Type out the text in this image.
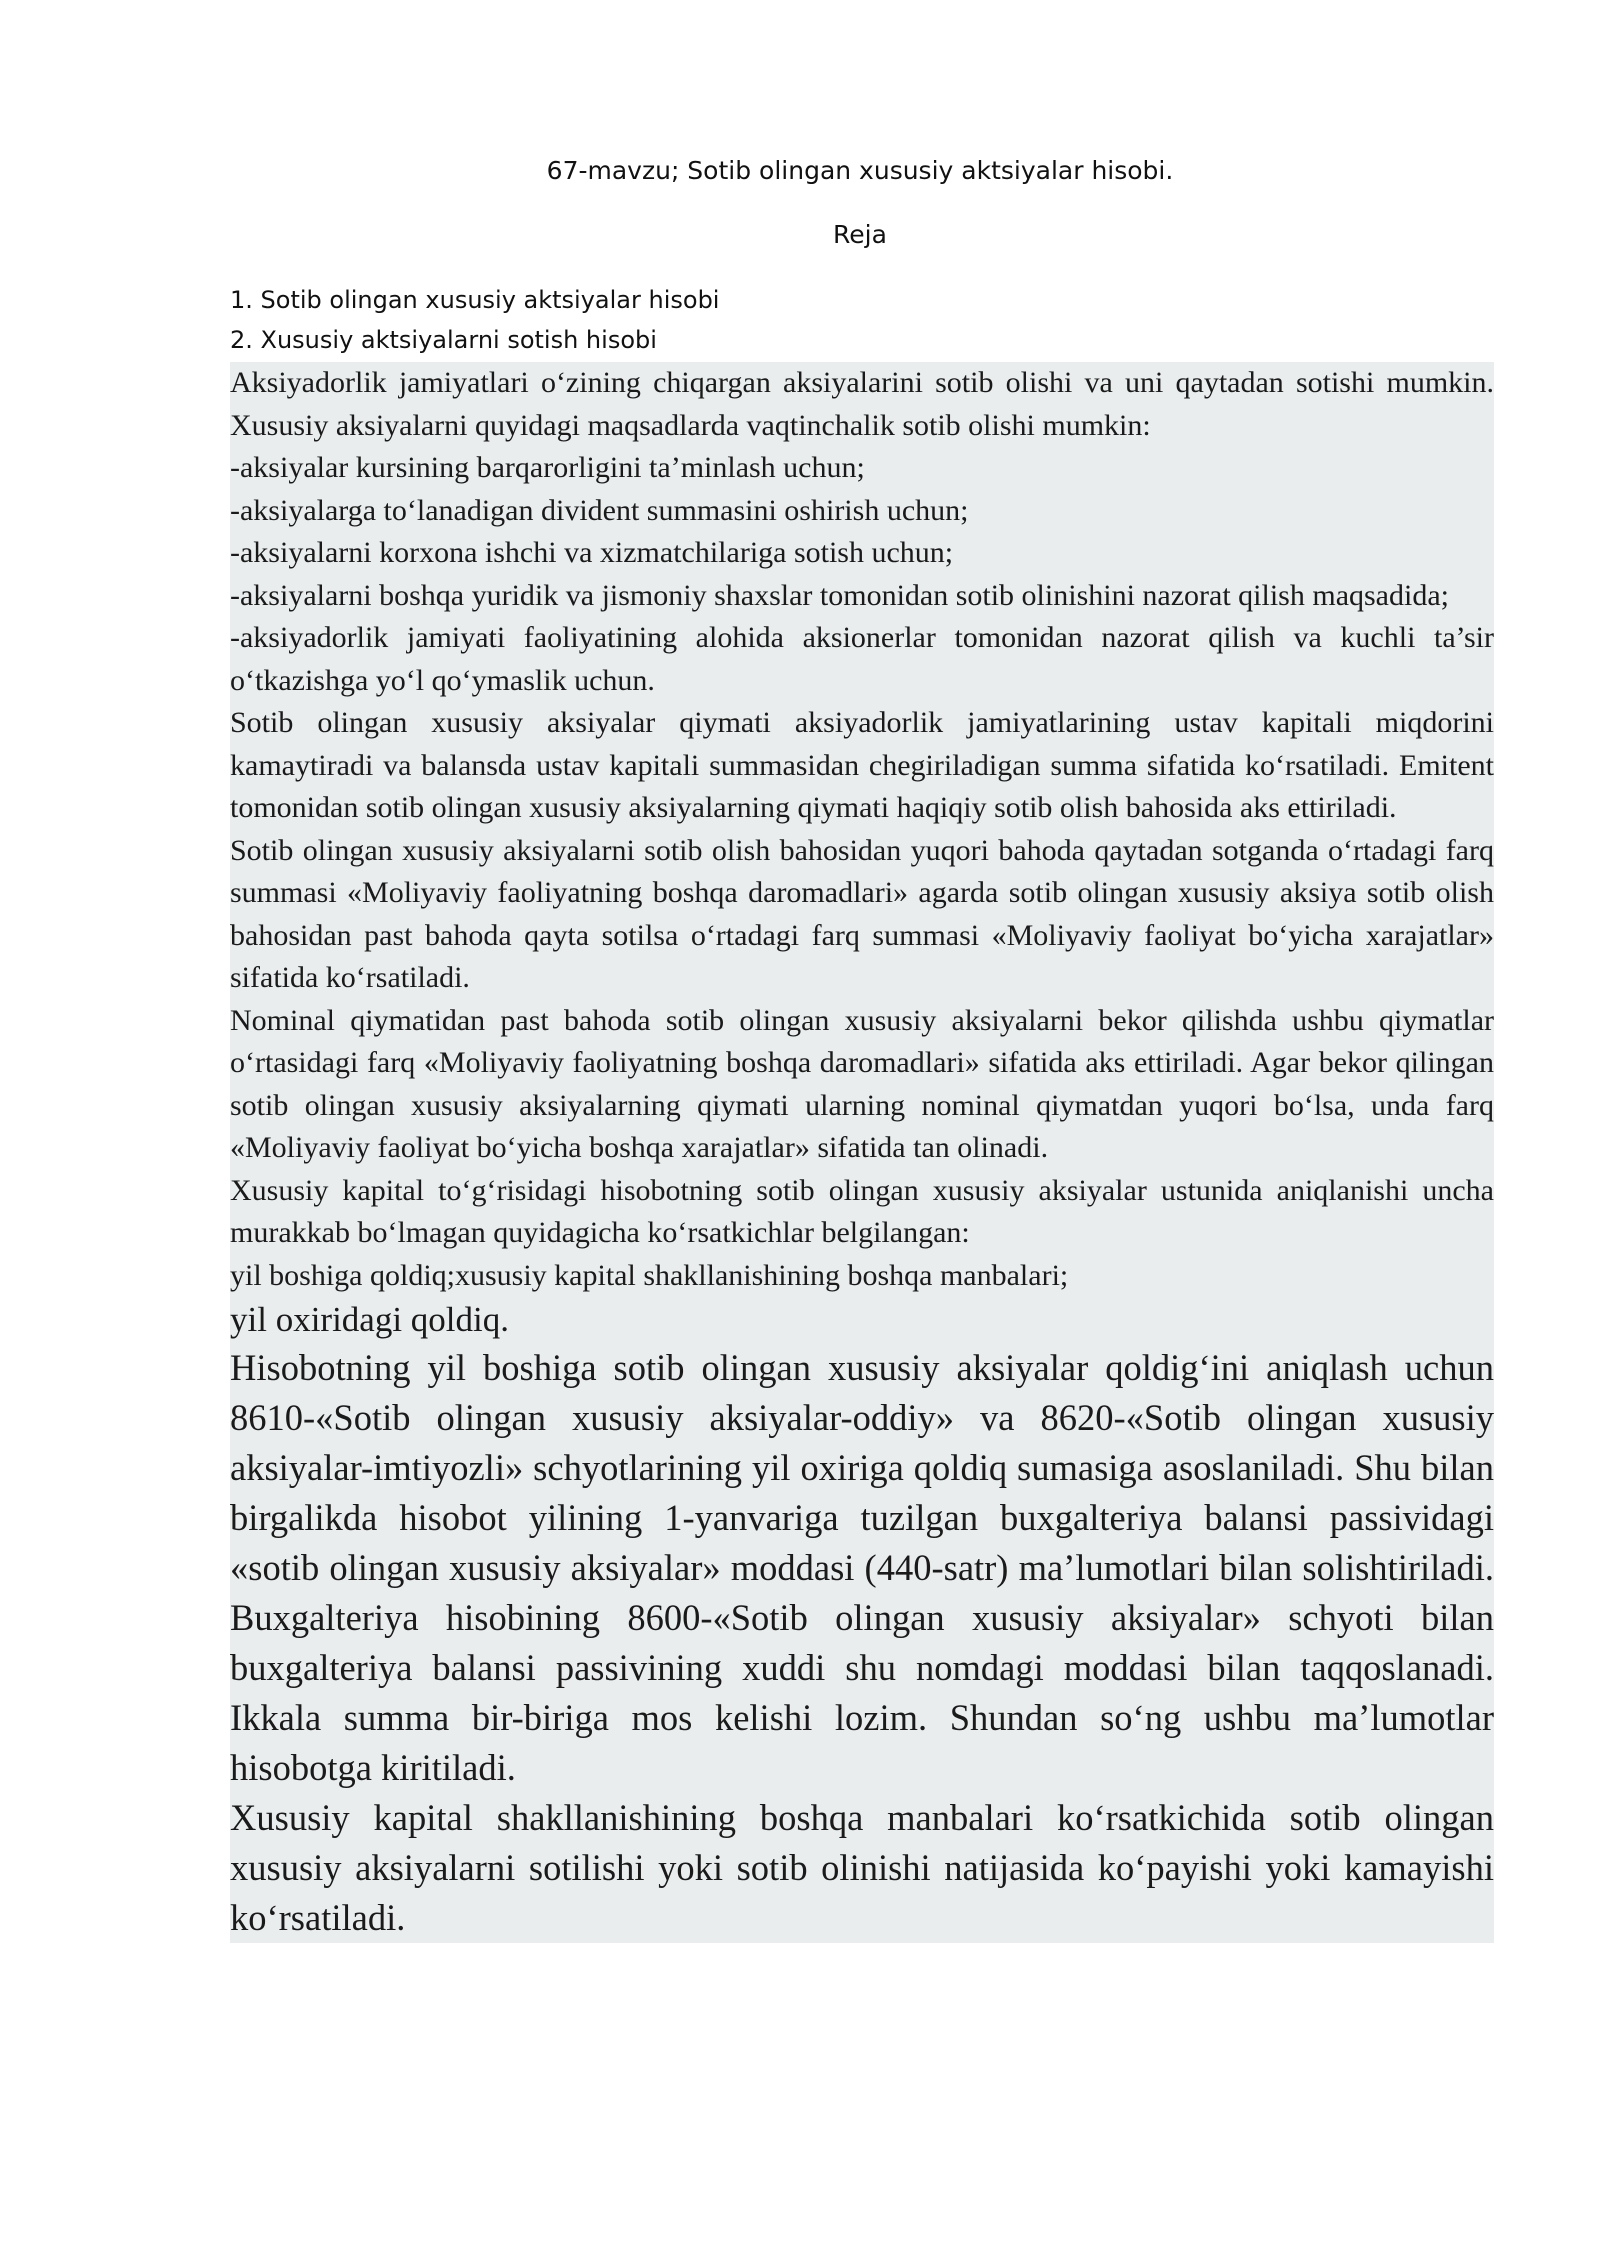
67-mavzu; Sotib olingan xususiy aktsiyalar hisobi.
Reja
1. Sotib olingan xususiy aktsiyalar hisobi
2. Xususiy aktsiyalarni sotish hisobi

Aksiyadorlik jamiyatlari o‘zining chiqargan aksiyalarini sotib olishi va uni qaytadan sotishi mumkin. Xususiy aksiyalarni quyidagi maqsadlarda vaqtinchalik sotib olishi mumkin:

-aksiyalar kursining barqarorligini ta’minlash uchun;

-aksiyalarga to‘lanadigan divident summasini oshirish uchun;

-aksiyalarni korxona ishchi va xizmatchilariga sotish uchun;

-aksiyalarni boshqa yuridik va jismoniy shaxslar tomonidan sotib olinishini nazorat qilish maqsadida;

-aksiyadorlik jamiyati faoliyatining alohida aksionerlar tomonidan nazorat qilish va kuchli ta’sir o‘tkazishga yo‘l qo‘ymaslik uchun.

Sotib olingan xususiy aksiyalar qiymati aksiyadorlik jamiyatlarining ustav kapitali miqdorini kamaytiradi va balansda ustav kapitali summasidan chegiriladigan summa sifatida ko‘rsatiladi. Emitent tomonidan sotib olingan xususiy aksiyalarning qiymati haqiqiy sotib olish bahosida aks ettiriladi.

Sotib olingan xususiy aksiyalarni sotib olish bahosidan yuqori bahoda qaytadan sotganda o‘rtadagi farq summasi «Moliyaviy faoliyatning boshqa daromadlari» agarda sotib olingan xususiy aksiya sotib olish bahosidan past bahoda qayta sotilsa o‘rtadagi farq summasi «Moliyaviy faoliyat bo‘yicha xarajatlar» sifatida ko‘rsatiladi.

Nominal qiymatidan past bahoda sotib olingan xususiy aksiyalarni bekor qilishda ushbu qiymatlar o‘rtasidagi farq «Moliyaviy faoliyatning boshqa daromadlari» sifatida aks ettiriladi. Agar bekor qilingan sotib olingan xususiy aksiyalarning qiymati ularning nominal qiymatdan yuqori bo‘lsa, unda farq «Moliyaviy faoliyat bo‘yicha boshqa xarajatlar» sifatida tan olinadi.

Xususiy kapital to‘g‘risidagi hisobotning sotib olingan xususiy aksiyalar ustunida aniqlanishi uncha murakkab bo‘lmagan quyidagicha ko‘rsatkichlar belgilangan:

yil boshiga qoldiq;xususiy kapital shakllanishining boshqa manbalari;

yil oxiridagi qoldiq.

Hisobotning yil boshiga sotib olingan xususiy aksiyalar qoldig‘ini aniqlash uchun 8610-«Sotib olingan xususiy aksiyalar-oddiy» va 8620-«Sotib olingan xususiy aksiyalar-imtiyozli» schyotlarining yil oxiriga qoldiq sumasiga asoslaniladi. Shu bilan birgalikda hisobot yilining 1-yanvariga tuzilgan buxgalteriya balansi passividagi «sotib olingan xususiy aksiyalar» moddasi (440-satr) ma’lumotlari bilan solishtiriladi. Buxgalteriya hisobining 8600-«Sotib olingan xususiy aksiyalar» schyoti bilan buxgalteriya balansi passivining xuddi shu nomdagi moddasi bilan taqqoslanadi. Ikkala summa bir-biriga mos kelishi lozim. Shundan so‘ng ushbu ma’lumotlar hisobotga kiritiladi.

Xususiy kapital shakllanishining boshqa manbalari ko‘rsatkichida sotib olingan xususiy aksiyalarni sotilishi yoki sotib olinishi natijasida ko‘payishi yoki kamayishi ko‘rsatiladi.
